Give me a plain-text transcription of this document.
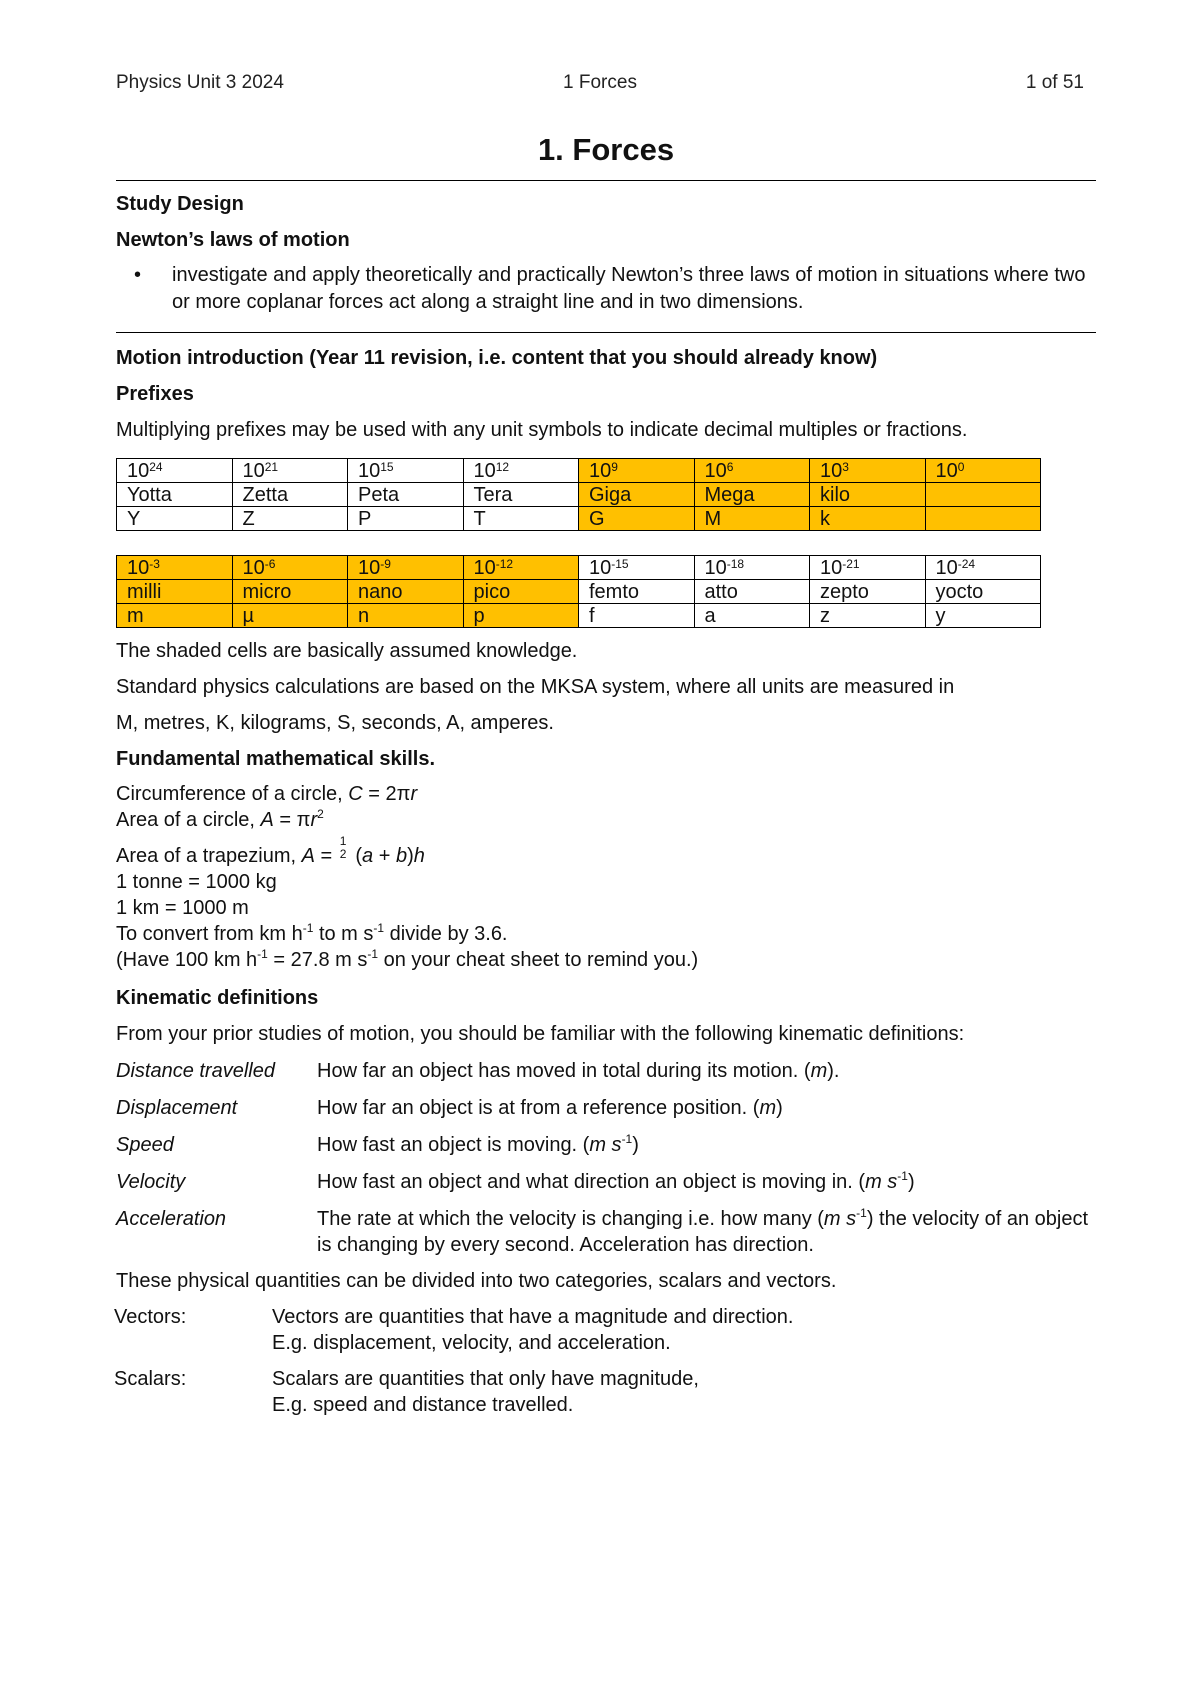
Physics Unit 3 2024	1 Forces	1 of 51
1. Forces

Study Design

Newton’s laws of motion

• investigate and apply theoretically and practically Newton’s three laws of motion in situations where two or more coplanar forces act along a straight line and in two dimensions.

Motion introduction (Year 11 revision, i.e. content that you should already know)

Prefixes

Multiplying prefixes may be used with any unit symbols to indicate decimal multiples or fractions.

$10^{24}$	$10^{21}$	$10^{15}$	$10^{12}$	$10^9$	$10^6$	$10^3$	$10^0$
Yotta	Zetta	Peta	Tera	Giga	Mega	kilo	
Y	Z	P	T	G	M	k	
$10^{-3}$	$10^{-6}$	$10^{-9}$	$10^{-12}$	$10^{-15}$	$10^{-18}$	$10^{-21}$	$10^{-24}$
milli	micro	nano	pico	femto	atto	zepto	yocto
m	µ	n	p	f	a	z	y

The shaded cells are basically assumed knowledge.

Standard physics calculations are based on the MKSA system, where all units are measured in

M, metres, K, kilograms, S, seconds, A, amperes.

Fundamental mathematical skills.

Circumference of a circle, C = 2πr
Area of a circle, $A = \pi r^2$
Area of a trapezium, A =
1
2 (a + b)h
1 tonne = 1000 kg
1 km = 1000 m
To convert from km $h^{-1}$ to m $s^{-1}$ divide by 3.6.
(Have 100 km $h^{-1} = 27.8$ m $s^{-1}$ on your cheat sheet to remind you.)

Kinematic definitions

From your prior studies of motion, you should be familiar with the following kinematic definitions:

Distance travelled	How far an object has moved in total during its motion. (m).
Displacement	How far an object is at from a reference position. (m)
Speed	How fast an object is moving. (m $s^{-1}$)
Velocity	How fast an object and what direction an object is moving in. (m $s^{-1}$)
Acceleration	The rate at which the velocity is changing i.e. how many (m $s^{-1}$) the velocity of an object is changing by every second. Acceleration has direction.

These physical quantities can be divided into two categories, scalars and vectors.

Vectors:	Vectors are quantities that have a magnitude and direction.
E.g. displacement, velocity, and acceleration.
Scalars:	Scalars are quantities that only have magnitude,
E.g. speed and distance travelled.
